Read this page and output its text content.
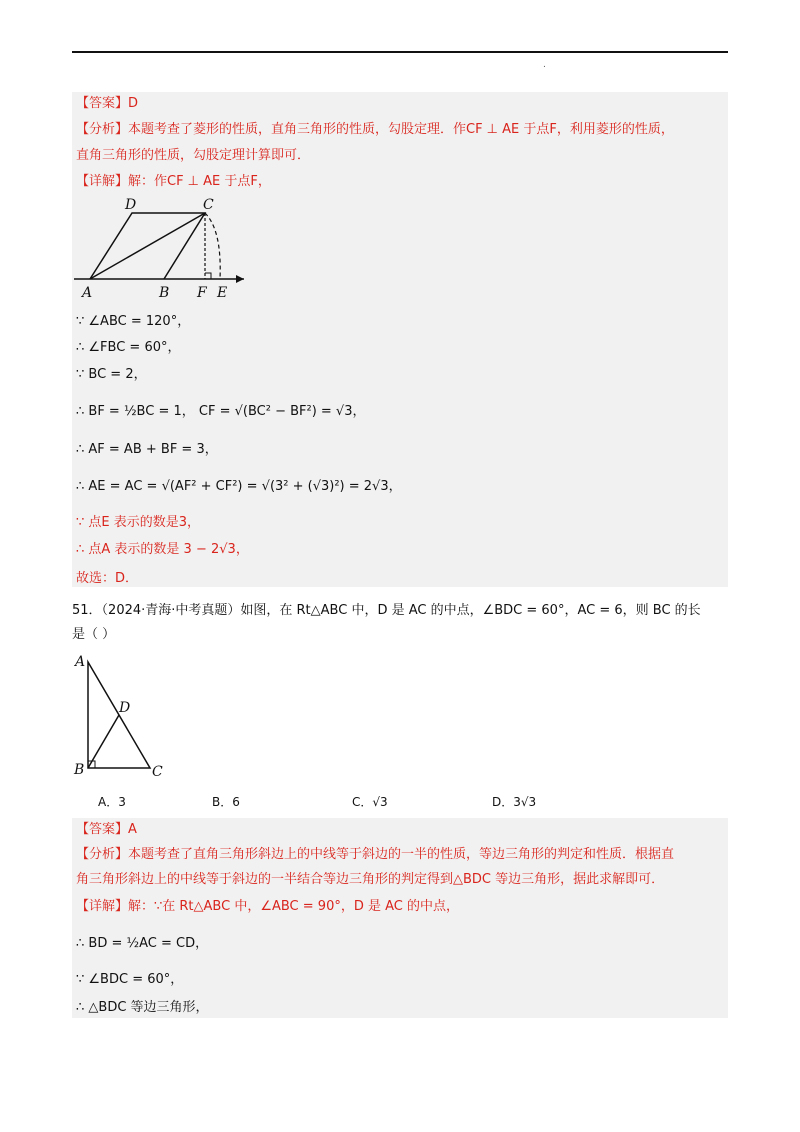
.
【答案】D
【分析】本题考查了菱形的性质，直角三角形的性质，勾股定理．作CF ⊥ AE 于点F，利用菱形的性质，
直角三角形的性质，勾股定理计算即可．
【详解】解：作CF ⊥ AE 于点F，
D	C
A	B F E
∵ ∠ABC = 120°，
∴ ∠FBC = 60°，
∵ BC = 2，
∴ BF = ½BC = 1， CF = √(BC² − BF²) = √3，
∴ AF = AB + BF = 3，
∴ AE = AC = √(AF² + CF²) = √(3² + (√3)²) = 2√3，
∵ 点E 表示的数是3，
∴ 点A 表示的数是 3 − 2√3，
故选：D．
51．（2024·青海·中考真题）如图，在 Rt△ABC 中，D 是 AC 的中点，∠BDC = 60°，AC = 6，则 BC 的长
是（ ）
A
D
B	C
A．3	B．6	C．√3	D．3√3
【答案】A
【分析】本题考查了直角三角形斜边上的中线等于斜边的一半的性质，等边三角形的判定和性质．根据直
角三角形斜边上的中线等于斜边的一半结合等边三角形的判定得到△BDC 等边三角形，据此求解即可．
【详解】解：∵在 Rt△ABC 中，∠ABC = 90°，D 是 AC 的中点，
∴ BD = ½AC = CD，
∵ ∠BDC = 60°，
∴ △BDC 等边三角形，
